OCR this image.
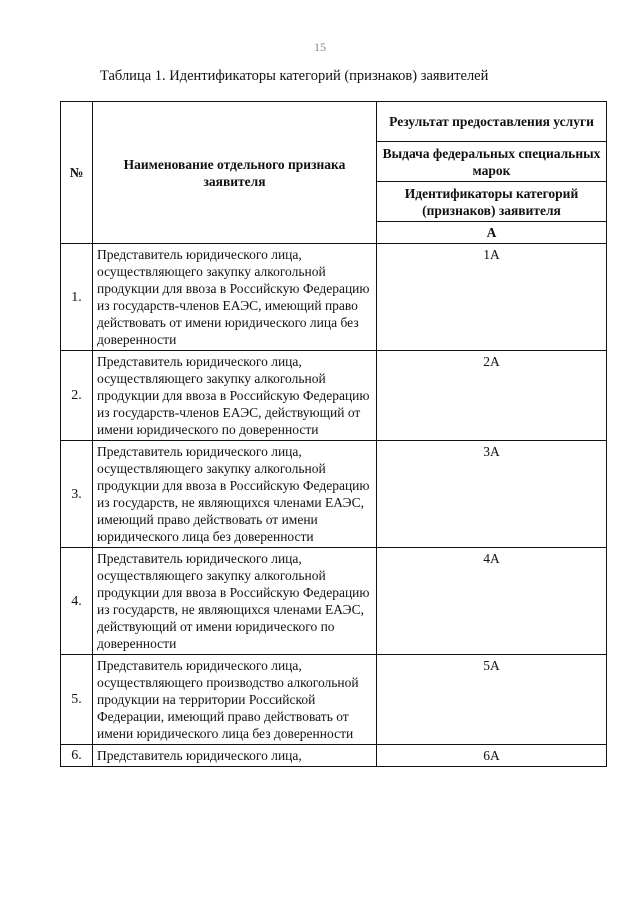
15
Таблица 1. Идентификаторы категорий (признаков) заявителей
№	Наименование отдельного признака заявителя	Результат предоставления услуги
		Выдача федеральных специальных марок
		Идентификаторы категорий (признаков) заявителя
		А
1.	Представитель юридического лица, осуществляющего закупку алкогольной продукции для ввоза в Российскую Федерацию из государств-членов ЕАЭС, имеющий право действовать от имени юридического лица без доверенности	1А
2.	Представитель юридического лица, осуществляющего закупку алкогольной продукции для ввоза в Российскую Федерацию из государств-членов ЕАЭС, действующий от имени юридического по доверенности	2А
3.	Представитель юридического лица, осуществляющего закупку алкогольной продукции для ввоза в Российскую Федерацию из государств, не являющихся членами ЕАЭС, имеющий право действовать от имени юридического лица без доверенности	3А
4.	Представитель юридического лица, осуществляющего закупку алкогольной продукции для ввоза в Российскую Федерацию из государств, не являющихся членами ЕАЭС, действующий от имени юридического по доверенности	4А
5.	Представитель юридического лица, осуществляющего производство алкогольной продукции на территории Российской Федерации, имеющий право действовать от имени юридического лица без доверенности	5А
6.	Представитель юридического лица,	6А
